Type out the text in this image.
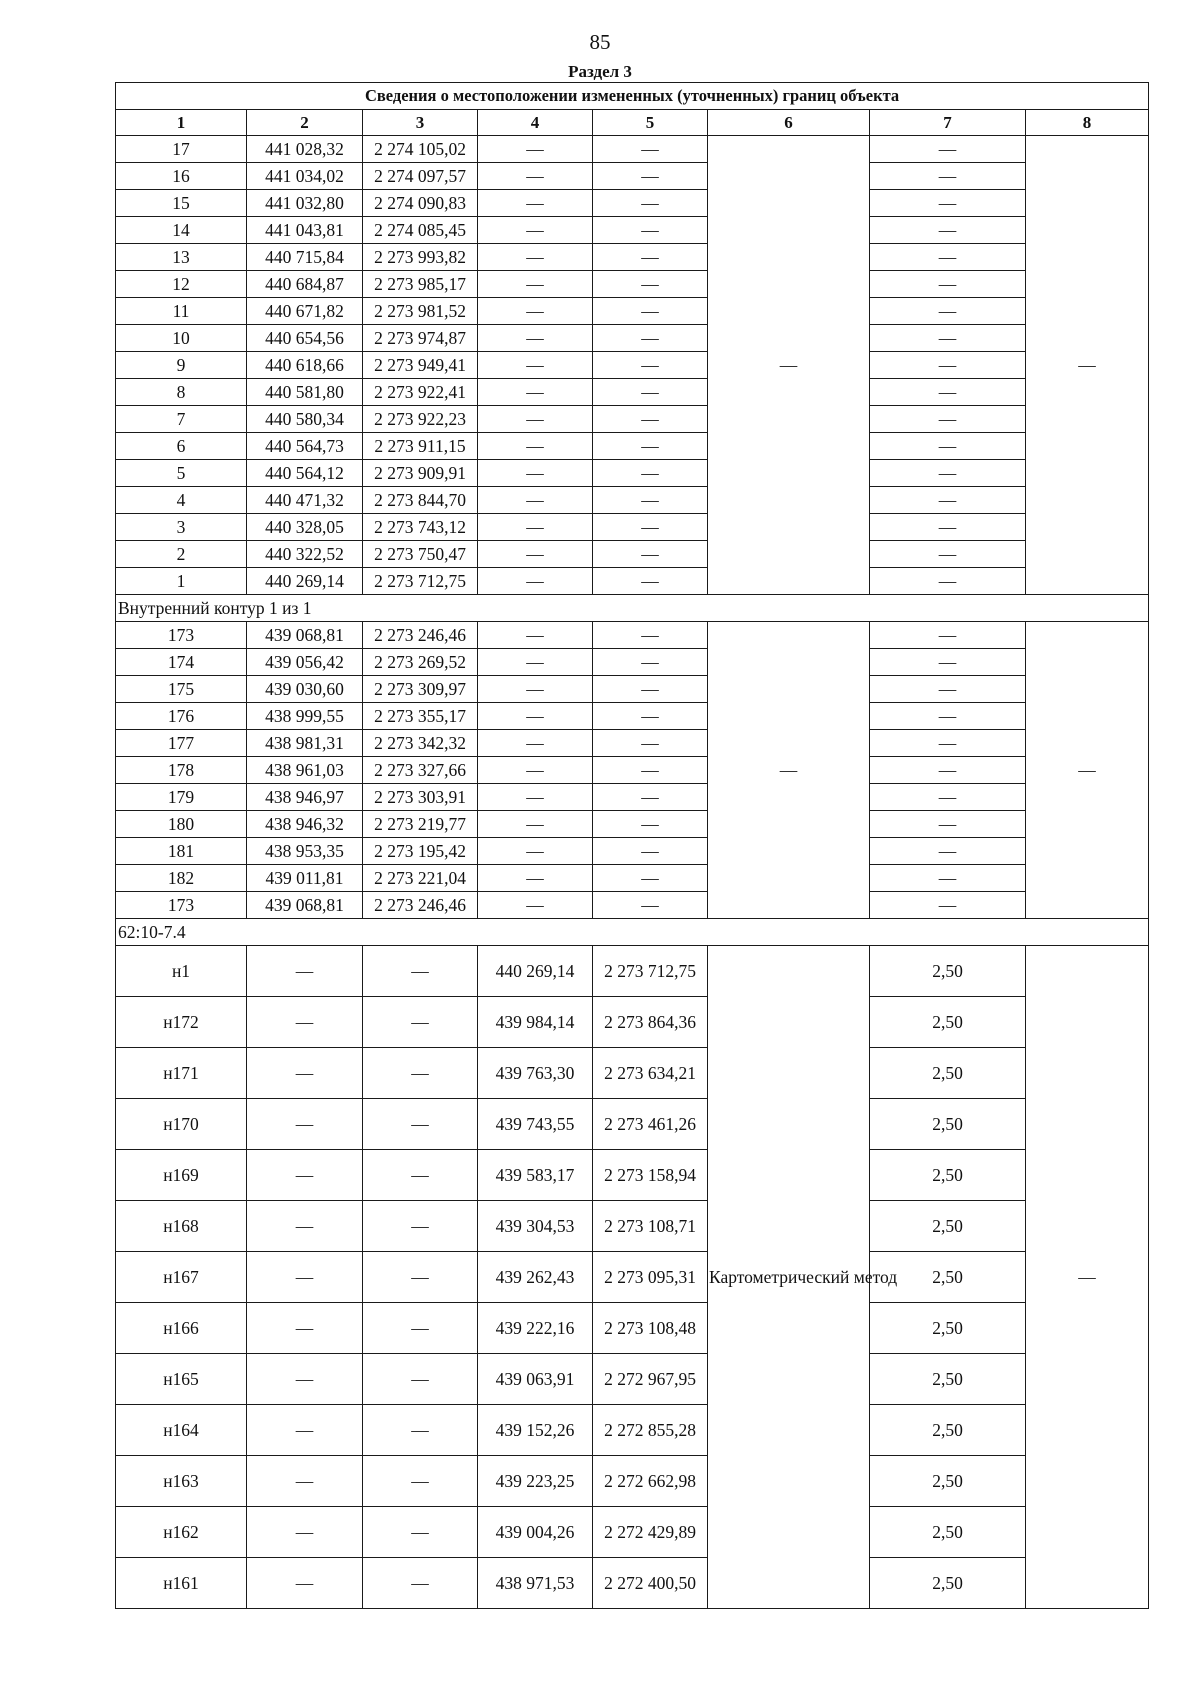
85
Раздел 3
Сведения о местоположении измененных (уточненных) границ объекта							
1	2	3	4	5	6	7	8
17	441 028,32	2 274 105,02	—	—	—	—	—
16	441 034,02	2 274 097,57	—	—		—	
15	441 032,80	2 274 090,83	—	—		—	
14	441 043,81	2 274 085,45	—	—		—	
13	440 715,84	2 273 993,82	—	—		—	
12	440 684,87	2 273 985,17	—	—		—	
11	440 671,82	2 273 981,52	—	—		—	
10	440 654,56	2 273 974,87	—	—		—	
9	440 618,66	2 273 949,41	—	—		—	
8	440 581,80	2 273 922,41	—	—		—	
7	440 580,34	2 273 922,23	—	—		—	
6	440 564,73	2 273 911,15	—	—		—	
5	440 564,12	2 273 909,91	—	—		—	
4	440 471,32	2 273 844,70	—	—		—	
3	440 328,05	2 273 743,12	—	—		—	
2	440 322,52	2 273 750,47	—	—		—	
1	440 269,14	2 273 712,75	—	—		—	
Внутренний контур 1 из 1							
173	439 068,81	2 273 246,46	—	—	—	—	—
174	439 056,42	2 273 269,52	—	—		—	
175	439 030,60	2 273 309,97	—	—		—	
176	438 999,55	2 273 355,17	—	—		—	
177	438 981,31	2 273 342,32	—	—		—	
178	438 961,03	2 273 327,66	—	—		—	
179	438 946,97	2 273 303,91	—	—		—	
180	438 946,32	2 273 219,77	—	—		—	
181	438 953,35	2 273 195,42	—	—		—	
182	439 011,81	2 273 221,04	—	—		—	
173	439 068,81	2 273 246,46	—	—		—	
62:10-7.4							
н1	—	—	440 269,14	2 273 712,75	Картометрический метод	2,50	—
н172	—	—	439 984,14	2 273 864,36		2,50	
н171	—	—	439 763,30	2 273 634,21		2,50	
н170	—	—	439 743,55	2 273 461,26		2,50	
н169	—	—	439 583,17	2 273 158,94		2,50	
н168	—	—	439 304,53	2 273 108,71		2,50	
н167	—	—	439 262,43	2 273 095,31		2,50	
н166	—	—	439 222,16	2 273 108,48		2,50	
н165	—	—	439 063,91	2 272 967,95		2,50	
н164	—	—	439 152,26	2 272 855,28		2,50	
н163	—	—	439 223,25	2 272 662,98		2,50	
н162	—	—	439 004,26	2 272 429,89		2,50	
н161	—	—	438 971,53	2 272 400,50		2,50	
